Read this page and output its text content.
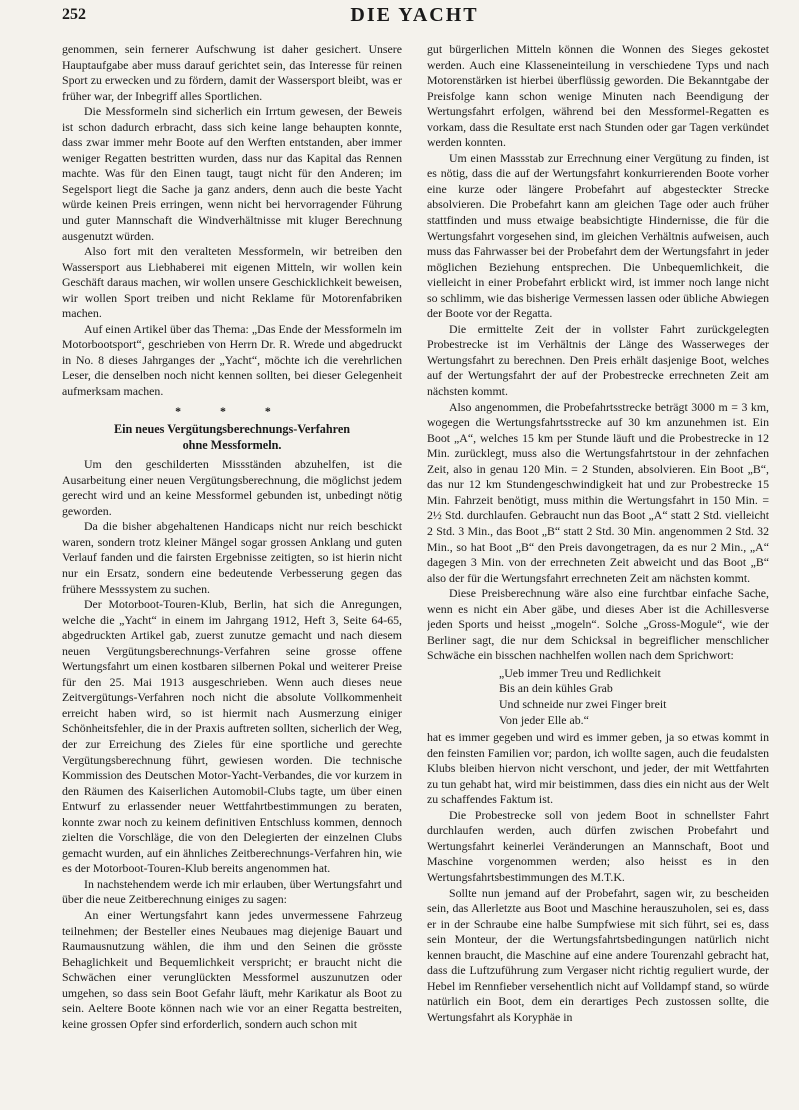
252	DIE YACHT

genommen, sein fernerer Aufschwung ist daher gesichert. Unsere Hauptaufgabe aber muss darauf gerichtet sein, das Interesse für reinen Sport zu erwecken und zu fördern, damit der Wassersport bleibt, was er früher war, der Inbegriff alles Sportlichen.

Die Messformeln sind sicherlich ein Irrtum gewesen, der Beweis ist schon dadurch erbracht, dass sich keine lange behaupten konnte, dass zwar immer mehr Boote auf den Werften entstanden, aber immer weniger Regatten bestritten wurden, dass nur das Kapital das Rennen machte. Was für den Einen taugt, taugt nicht für den Anderen; im Segelsport liegt die Sache ja ganz anders, denn auch die beste Yacht würde keinen Preis erringen, wenn nicht bei hervorragender Führung und guter Mannschaft die Windverhältnisse mit kluger Berechnung ausgenutzt würden.

Also fort mit den veralteten Messformeln, wir betreiben den Wassersport aus Liebhaberei mit eigenen Mitteln, wir wollen kein Geschäft daraus machen, wir wollen unsere Geschicklichkeit beweisen, wir wollen Sport treiben und nicht Reklame für Motorenfabriken machen.

Auf einen Artikel über das Thema: „Das Ende der Messformeln im Motorbootsport“, geschrieben von Herrn Dr. R. Wrede und abgedruckt in No. 8 dieses Jahrganges der „Yacht“, möchte ich die verehrlichen Leser, die denselben noch nicht kennen sollten, bei dieser Gelegenheit aufmerksam machen.

* * *
Ein neues Vergütungsberechnungs-Verfahren
ohne Messformeln.

Um den geschilderten Missständen abzuhelfen, ist die Ausarbeitung einer neuen Vergütungsberechnung, die möglichst jedem gerecht wird und an keine Messformel gebunden ist, unbedingt nötig geworden.

Da die bisher abgehaltenen Handicaps nicht nur reich beschickt waren, sondern trotz kleiner Mängel sogar grossen Anklang und guten Verlauf fanden und die fairsten Ergebnisse zeitigten, so ist hierin nicht nur ein Ersatz, sondern eine bedeutende Verbesserung gegen das frühere Messsystem zu suchen.

Der Motorboot-Touren-Klub, Berlin, hat sich die Anregungen, welche die „Yacht“ in einem im Jahrgang 1912, Heft 3, Seite 64-65, abgedruckten Artikel gab, zuerst zunutze gemacht und nach diesem neuen Vergütungsberechnungs-Verfahren seine grosse offene Wertungsfahrt um einen kostbaren silbernen Pokal und weiterer Preise für den 25. Mai 1913 ausgeschrieben. Wenn auch dieses neue Zeitvergütungs-Verfahren noch nicht die absolute Vollkommenheit erreicht haben wird, so ist hiermit nach Ausmerzung einiger Schönheitsfehler, die in der Praxis auftreten sollten, sicherlich der Weg, der zur Erreichung des Zieles für eine sportliche und gerechte Vergütungsberechnung führt, gewiesen worden. Die technische Kommission des Deutschen Motor-Yacht-Verbandes, die vor kurzem in den Räumen des Kaiserlichen Automobil-Clubs tagte, um über einen Entwurf zu erlassender neuer Wettfahrtbestimmungen zu beraten, konnte zwar noch zu keinem definitiven Entschluss kommen, dennoch zielten die Vorschläge, die von den Delegierten der einzelnen Clubs gemacht wurden, auf ein ähnliches Zeitberechnungs-Verfahren hin, wie es der Motorboot-Touren-Klub bereits angenommen hat.

In nachstehendem werde ich mir erlauben, über Wertungsfahrt und über die neue Zeitberechnung einiges zu sagen:

An einer Wertungsfahrt kann jedes unvermessene Fahrzeug teilnehmen; der Besteller eines Neubaues mag diejenige Bauart und Raumausnutzung wählen, die ihm und den Seinen die grösste Behaglichkeit und Bequemlichkeit verspricht; er braucht nicht die Schwächen einer verunglückten Messformel auszunutzen oder umgehen, so dass sein Boot Gefahr läuft, mehr Karikatur als Boot zu sein. Aeltere Boote können nach wie vor an einer Regatta bestreiten, keine grossen Opfer sind erforderlich, sondern auch schon mit

gut bürgerlichen Mitteln können die Wonnen des Sieges gekostet werden. Auch eine Klasseneinteilung in verschiedene Typs und nach Motorenstärken ist hierbei überflüssig geworden. Die Bekanntgabe der Preisfolge kann schon wenige Minuten nach Beendigung der Wertungsfahrt erfolgen, während bei den Messformel-Regatten es vorkam, dass die Resultate erst nach Stunden oder gar Tagen verkündet werden konnten.

Um einen Massstab zur Errechnung einer Vergütung zu finden, ist es nötig, dass die auf der Wertungsfahrt konkurrierenden Boote vorher eine kurze oder längere Probefahrt auf abgesteckter Strecke absolvieren. Die Probefahrt kann am gleichen Tage oder auch früher stattfinden und muss etwaige beabsichtigte Hindernisse, die für die Wertungsfahrt vorgesehen sind, im gleichen Verhältnis aufweisen, auch muss das Fahrwasser bei der Probefahrt dem der Wertungsfahrt in jeder möglichen Beziehung entsprechen. Die Unbequemlichkeit, die vielleicht in einer Probefahrt erblickt wird, ist immer noch lange nicht so schlimm, wie das bisherige Vermessen lassen oder übliche Abwiegen der Boote vor der Regatta.

Die ermittelte Zeit der in vollster Fahrt zurückgelegten Probestrecke ist im Verhältnis der Länge des Wasserweges der Wertungsfahrt zu berechnen. Den Preis erhält dasjenige Boot, welches auf der Wertungsfahrt der auf der Probestrecke errechneten Zeit am nächsten kommt.

Also angenommen, die Probefahrtsstrecke beträgt 3000 m = 3 km, wogegen die Wertungsfahrtsstrecke auf 30 km anzunehmen ist. Ein Boot „A“, welches 15 km per Stunde läuft und die Probestrecke in 12 Min. zurücklegt, muss also die Wertungsfahrtstour in der zehnfachen Zeit, also in genau 120 Min. = 2 Stunden, absolvieren. Ein Boot „B“, das nur 12 km Stundengeschwindigkeit hat und zur Probestrecke 15 Min. Fahrzeit benötigt, muss mithin die Wertungsfahrt in 150 Min. = 2½ Std. durchlaufen. Gebraucht nun das Boot „A“ statt 2 Std. vielleicht 2 Std. 3 Min., das Boot „B“ statt 2 Std. 30 Min. angenommen 2 Std. 32 Min., so hat Boot „B“ den Preis davongetragen, da es nur 2 Min., „A“ dagegen 3 Min. von der errechneten Zeit abweicht und das Boot „B“ also der für die Wertungsfahrt errechneten Zeit am nächsten kommt.

Diese Preisberechnung wäre also eine furchtbar einfache Sache, wenn es nicht ein Aber gäbe, und dieses Aber ist die Achillesverse jeden Sports und heisst „mogeln“. Solche „Gross-Mogule“, wie der Berliner sagt, die nur dem Schicksal in begreiflicher menschlicher Schwäche ein bisschen nachhelfen wollen nach dem Sprichwort:

„Ueb immer Treu und Redlichkeit
Bis an dein kühles Grab
Und schneide nur zwei Finger breit
Von jeder Elle ab.“

hat es immer gegeben und wird es immer geben, ja so etwas kommt in den feinsten Familien vor; pardon, ich wollte sagen, auch die feudalsten Klubs bleiben hiervon nicht verschont, und jeder, der mit Wettfahrten zu tun gehabt hat, wird mir beistimmen, dass dies ein nicht aus der Welt zu schaffendes Faktum ist.

Die Probestrecke soll von jedem Boot in schnellster Fahrt durchlaufen werden, auch dürfen zwischen Probefahrt und Wertungsfahrt keinerlei Veränderungen an Mannschaft, Boot und Maschine vorgenommen werden; also heisst es in den Wertungsfahrtsbestimmungen des M.T.K.

Sollte nun jemand auf der Probefahrt, sagen wir, zu bescheiden sein, das Allerletzte aus Boot und Maschine herauszuholen, sei es, dass er in der Schraube eine halbe Sumpfwiese mit sich führt, sei es, dass sein Monteur, der die Wertungsfahrtsbedingungen natürlich nicht kennen braucht, die Maschine auf eine andere Tourenzahl gebracht hat, dass die Luftzuführung zum Vergaser nicht richtig reguliert wurde, der Hebel im Rennfieber versehentlich nicht auf Volldampf stand, so würde natürlich ein Boot, dem ein derartiges Pech zustossen sollte, die Wertungsfahrt als Koryphäe in
